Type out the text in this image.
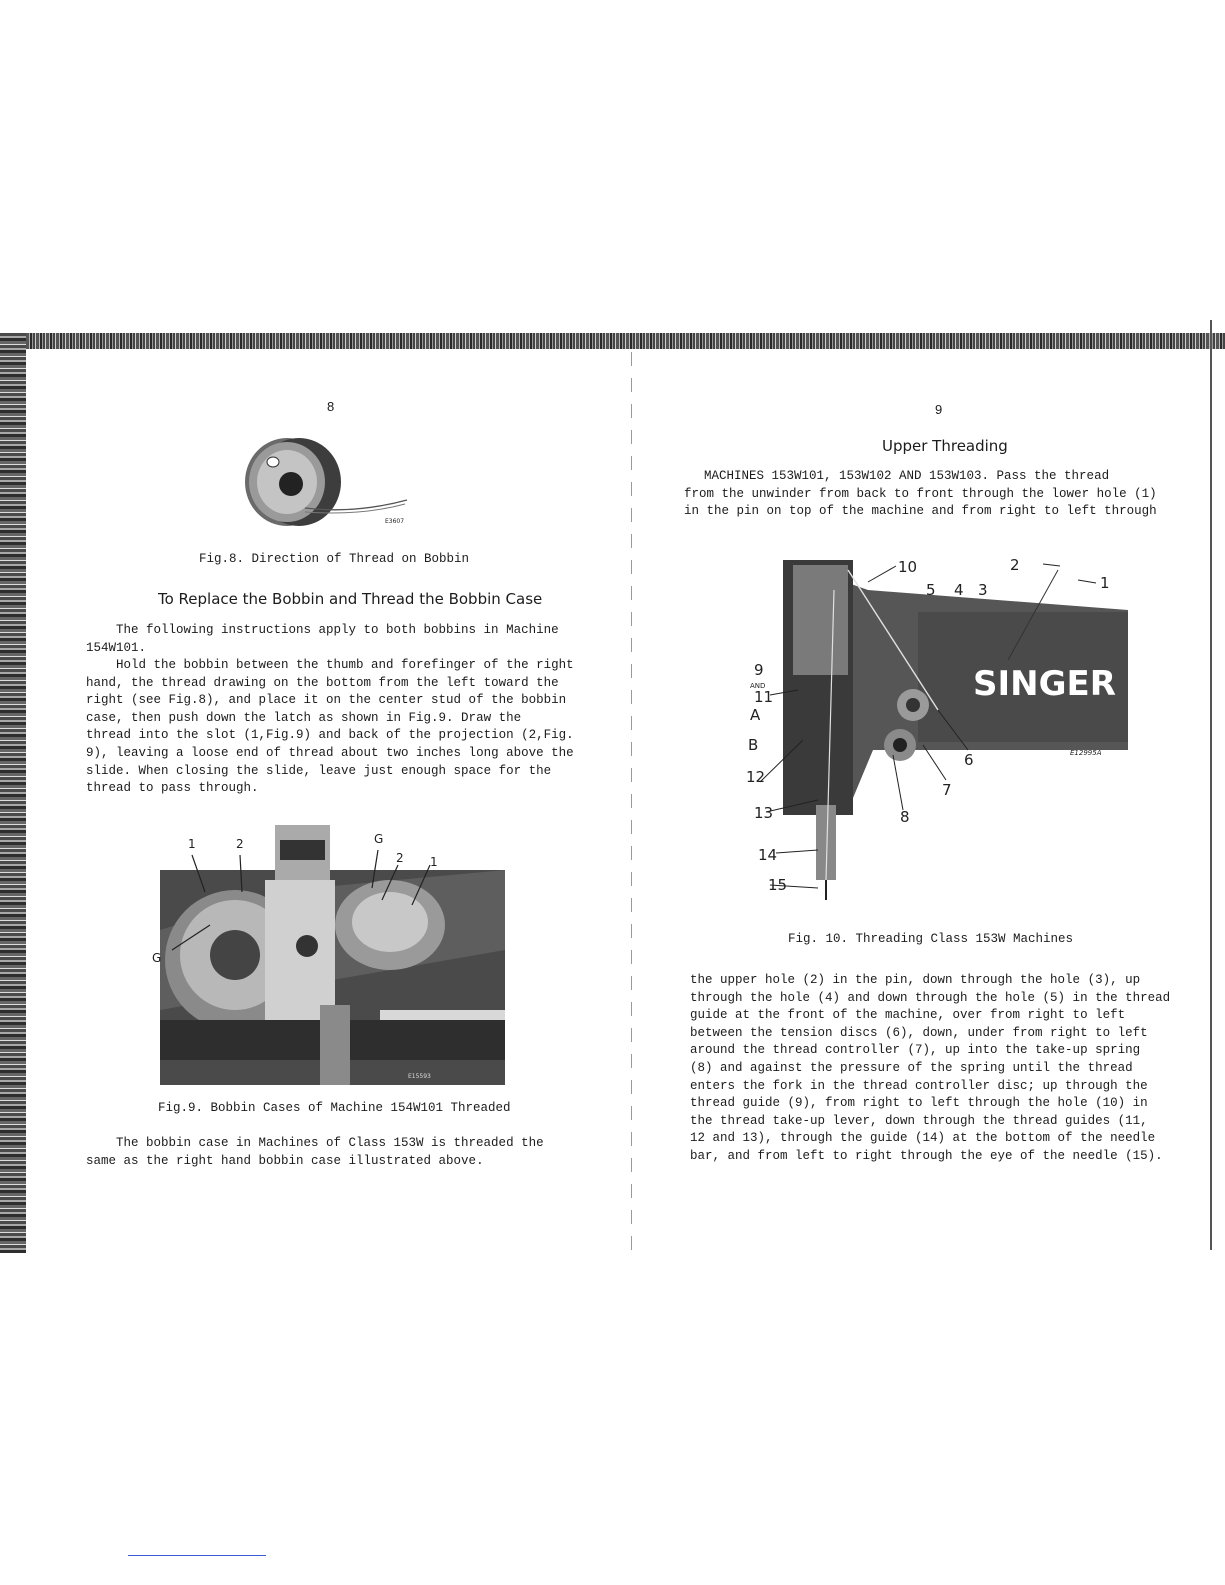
8
E3607
Fig.8. Direction of Thread on Bobbin
To Replace the Bobbin and Thread the Bobbin Case
The following instructions apply to both bobbins in Machine
154W101.
Hold the bobbin between the thumb and forefinger of the right
hand, the thread drawing on the bottom from the left toward the
right (see Fig.8), and place it on the center stud of the bobbin
case, then push down the latch as shown in Fig.9. Draw the
thread into the slot (1,Fig.9) and back of the projection (2,Fig.
9), leaving a loose end of thread about two inches long above the
slide. When closing the slide, leave just enough space for the
thread to pass through.
1	2	G
2 1
G
E15593
Fig.9. Bobbin Cases of Machine 154W101 Threaded
The bobbin case in Machines of Class 153W is threaded the
same as the right hand bobbin case illustrated above.
9
Upper Threading
MACHINES 153W101, 153W102 AND 153W103. Pass the thread
from the unwinder from back to front through the lower hole (1)
in the pin on top of the machine and from right to left through
SINGER
10	2
1
5 4 3
9
AND
11
A
B
12
13
14
15
6
7
8
E12995A
Fig. 10. Threading Class 153W Machines
the upper hole (2) in the pin, down through the hole (3), up
through the hole (4) and down through the hole (5) in the thread
guide at the front of the machine, over from right to left
between the tension discs (6), down, under from right to left
around the thread controller (7), up into the take-up spring
(8) and against the pressure of the spring until the thread
enters the fork in the thread controller disc; up through the
thread guide (9), from right to left through the hole (10) in
the thread take-up lever, down through the thread guides (11,
12 and 13), through the guide (14) at the bottom of the needle
bar, and from left to right through the eye of the needle (15).
